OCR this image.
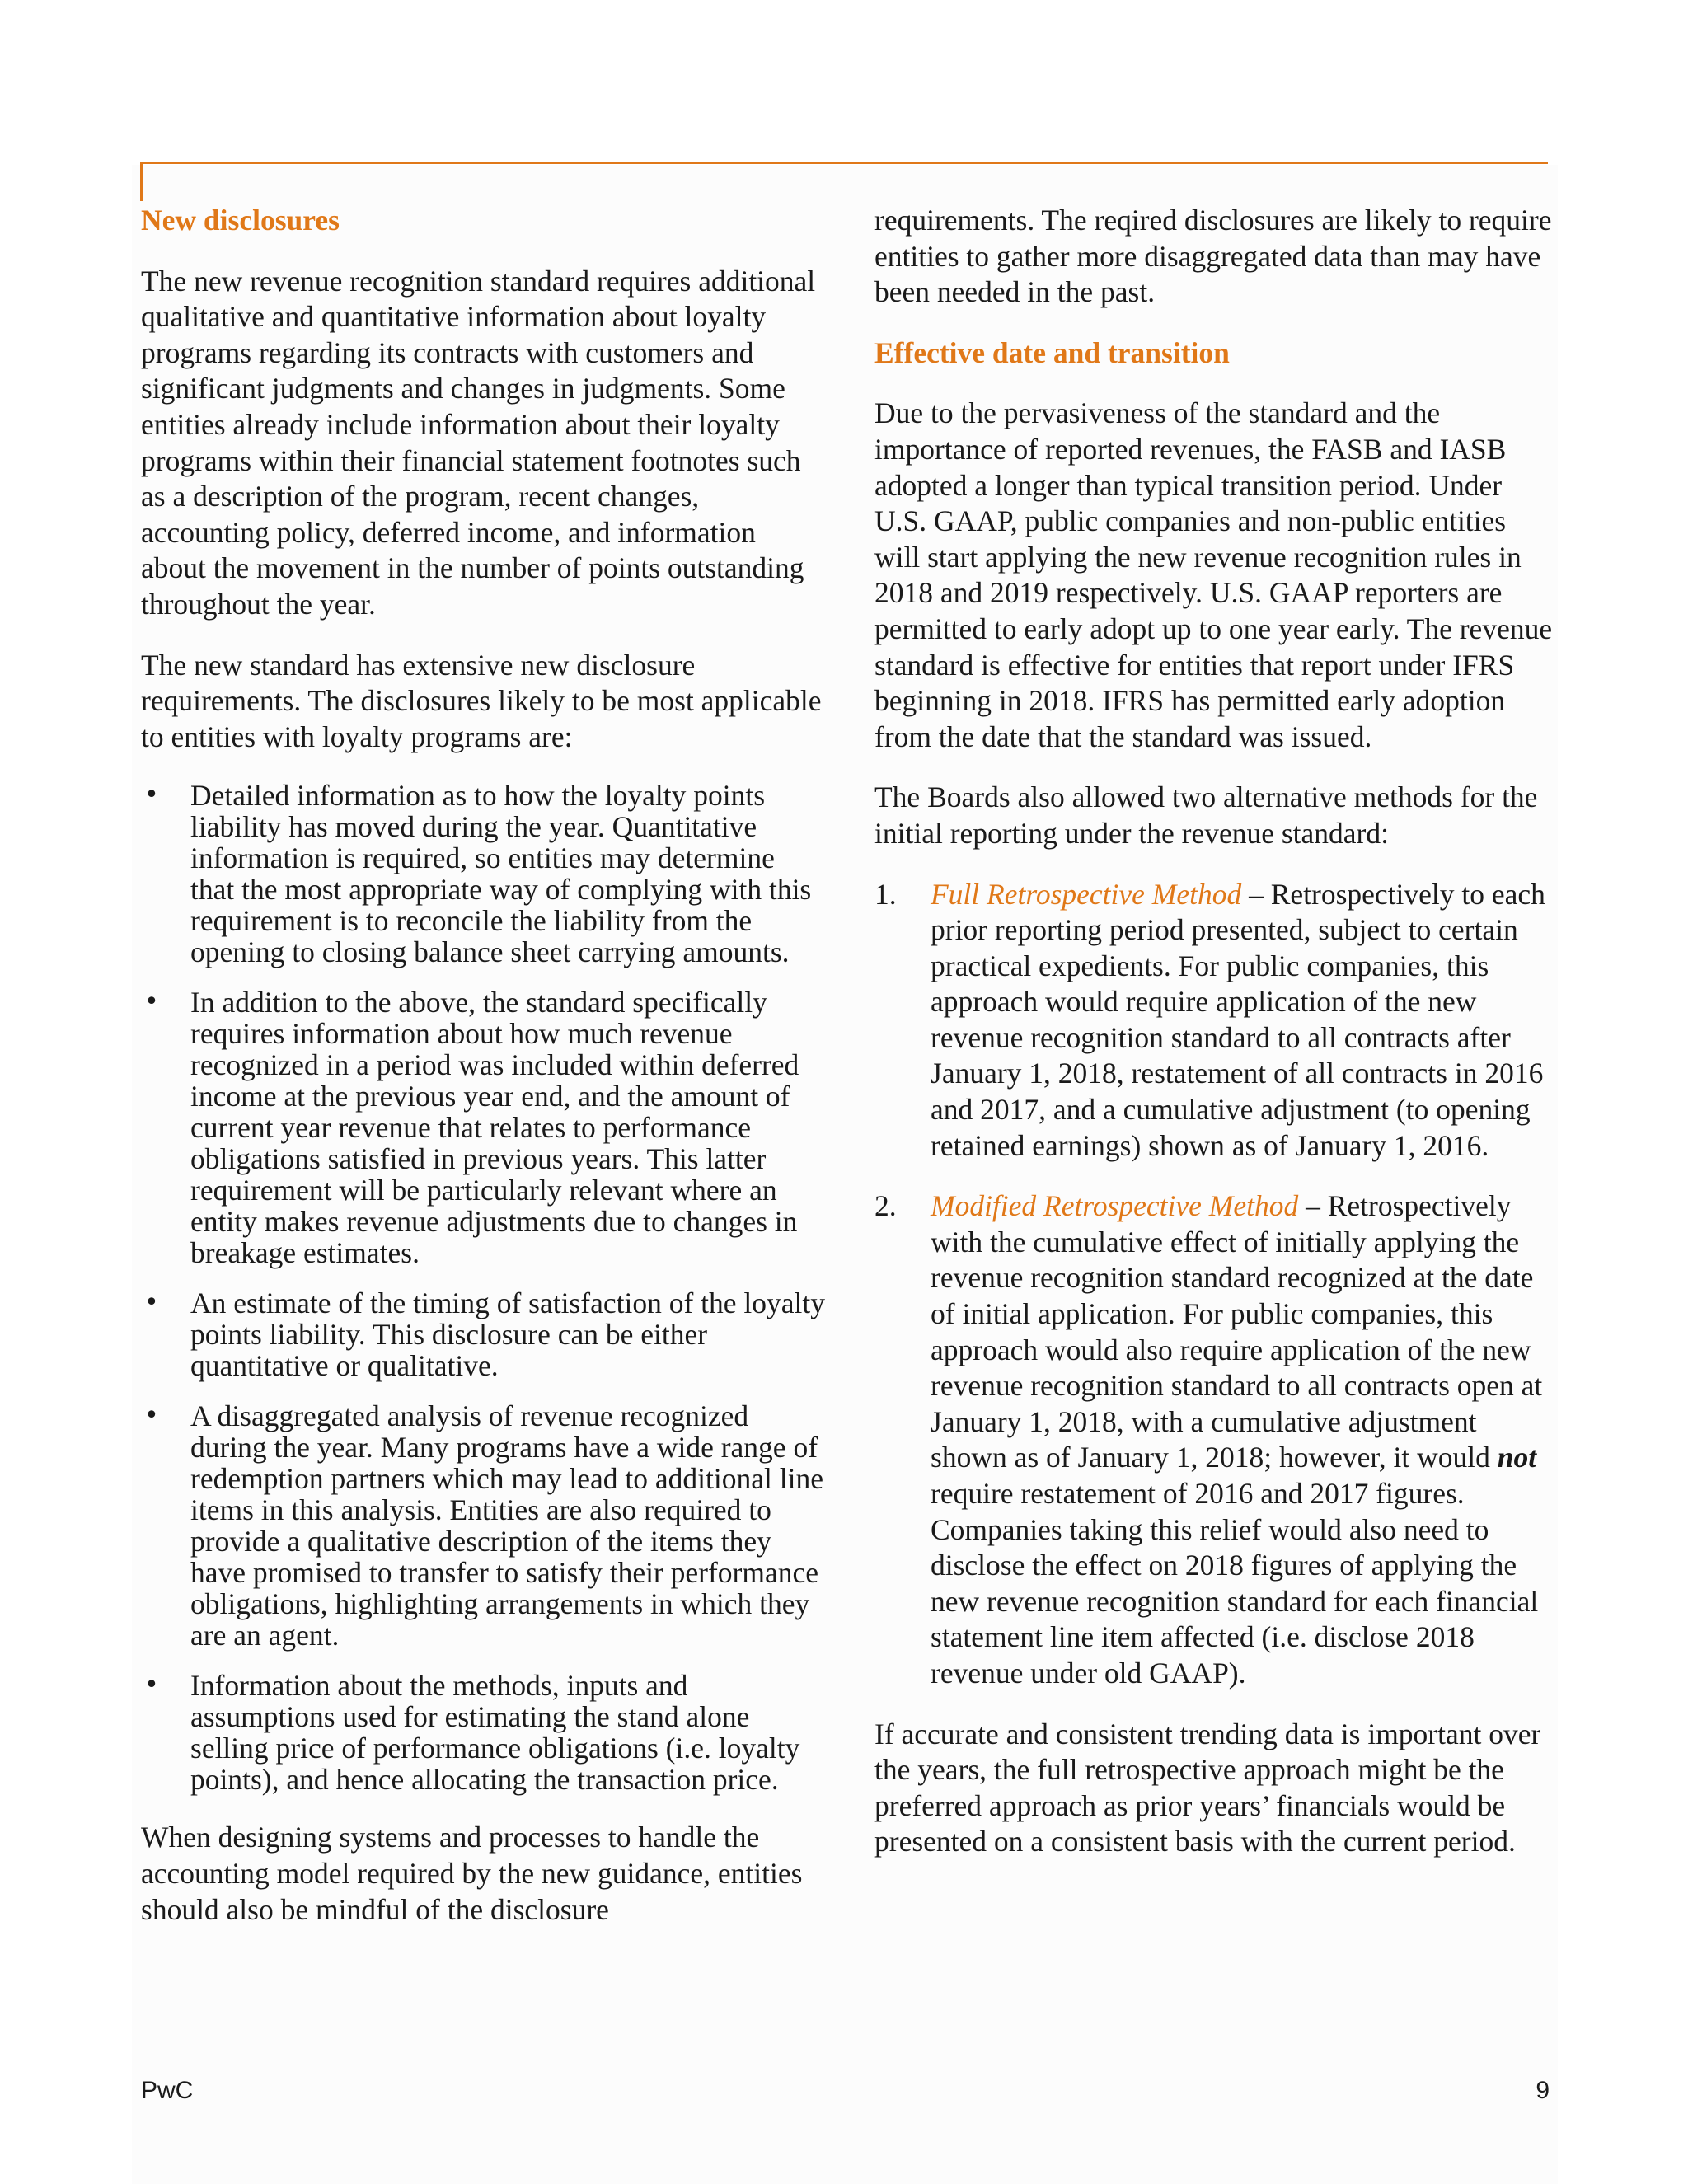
New disclosures

The new revenue recognition standard requires additional qualitative and quantitative information about loyalty programs regarding its contracts with customers and significant judgments and changes in judgments. Some entities already include information about their loyalty programs within their financial statement footnotes such as a description of the program, recent changes, accounting policy, deferred income, and information about the movement in the number of points outstanding throughout the year.

The new standard has extensive new disclosure requirements. The disclosures likely to be most applicable to entities with loyalty programs are:

• Detailed information as to how the loyalty points liability has moved during the year. Quantitative information is required, so entities may determine that the most appropriate way of complying with this requirement is to reconcile the liability from the opening to closing balance sheet carrying amounts.
• In addition to the above, the standard specifically requires information about how much revenue recognized in a period was included within deferred income at the previous year end, and the amount of current year revenue that relates to performance obligations satisfied in previous years. This latter requirement will be particularly relevant where an entity makes revenue adjustments due to changes in breakage estimates.
• An estimate of the timing of satisfaction of the loyalty points liability. This disclosure can be either quantitative or qualitative.
• A disaggregated analysis of revenue recognized during the year. Many programs have a wide range of redemption partners which may lead to additional line items in this analysis. Entities are also required to provide a qualitative description of the items they have promised to transfer to satisfy their performance obligations, highlighting arrangements in which they are an agent.
• Information about the methods, inputs and assumptions used for estimating the stand alone selling price of performance obligations (i.e. loyalty points), and hence allocating the transaction price.

When designing systems and processes to handle the accounting model required by the new guidance, entities should also be mindful of the disclosure

requirements. The reqired disclosures are likely to require entities to gather more disaggregated data than may have been needed in the past.

Effective date and transition

Due to the pervasiveness of the standard and the importance of reported revenues, the FASB and IASB adopted a longer than typical transition period. Under U.S. GAAP, public companies and non-public entities will start applying the new revenue recognition rules in 2018 and 2019 respectively. U.S. GAAP reporters are permitted to early adopt up to one year early. The revenue standard is effective for entities that report under IFRS beginning in 2018. IFRS has permitted early adoption from the date that the standard was issued.

The Boards also allowed two alternative methods for the initial reporting under the revenue standard:

1. Full Retrospective Method – Retrospectively to each prior reporting period presented, subject to certain practical expedients. For public companies, this approach would require application of the new revenue recognition standard to all contracts after January 1, 2018, restatement of all contracts in 2016 and 2017, and a cumulative adjustment (to opening retained earnings) shown as of January 1, 2016.
2. Modified Retrospective Method – Retrospectively with the cumulative effect of initially applying the revenue recognition standard recognized at the date of initial application. For public companies, this approach would also require application of the new revenue recognition standard to all contracts open at January 1, 2018, with a cumulative adjustment shown as of January 1, 2018; however, it would not require restatement of 2016 and 2017 figures. Companies taking this relief would also need to disclose the effect on 2018 figures of applying the new revenue recognition standard for each financial statement line item affected (i.e. disclose 2018 revenue under old GAAP).

If accurate and consistent trending data is important over the years, the full retrospective approach might be the preferred approach as prior years’ financials would be presented on a consistent basis with the current period.

PwC	9
